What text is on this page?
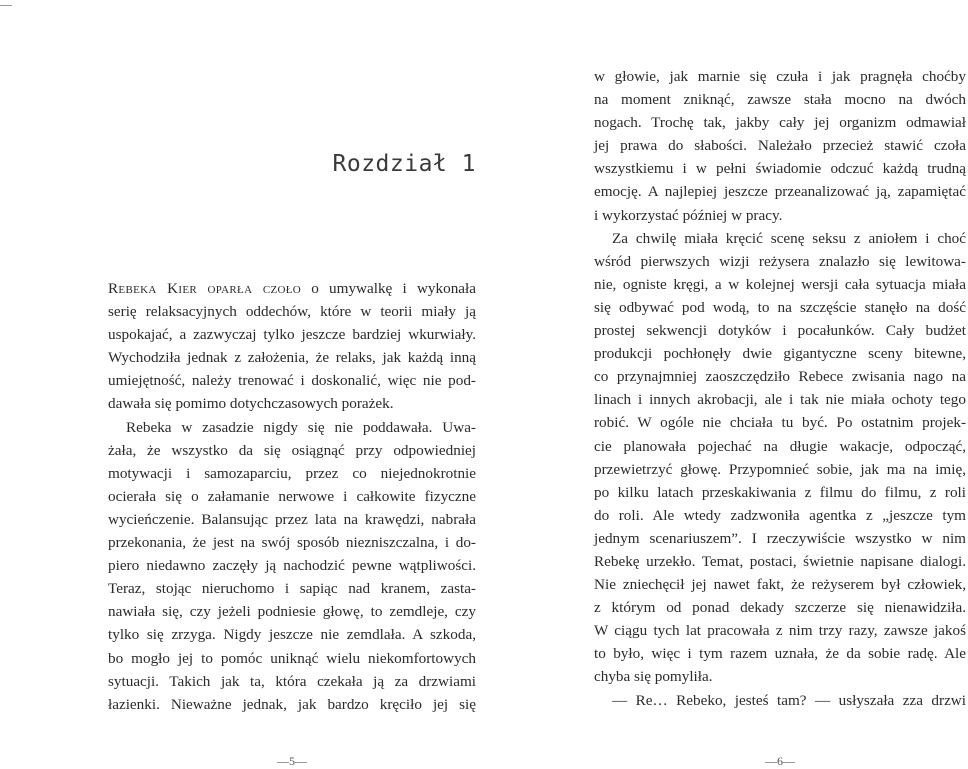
Rozdział 1
Rebeka Kier oparła czoło o umywalkę i wykonała
serię relaksacyjnych oddechów, które w teorii miały ją
uspokajać, a zazwyczaj tylko jeszcze bardziej wkurwiały.
Wychodziła jednak z założenia, że relaks, jak każdą inną
umiejętność, należy trenować i doskonalić, więc nie pod-
dawała się pomimo dotychczasowych porażek.
Rebeka w zasadzie nigdy się nie poddawała. Uwa-
żała, że wszystko da się osiągnąć przy odpowiedniej
motywacji i samozaparciu, przez co niejednokrotnie
ocierała się o załamanie nerwowe i całkowite fizyczne
wycieńczenie. Balansując przez lata na krawędzi, nabrała
przekonania, że jest na swój sposób niezniszczalna, i do-
piero niedawno zaczęły ją nachodzić pewne wątpliwości.
Teraz, stojąc nieruchomo i sapiąc nad kranem, zasta-
nawiała się, czy jeżeli podniesie głowę, to zemdleje, czy
tylko się zrzyga. Nigdy jeszcze nie zemdlała. A szkoda,
bo mogło jej to pomóc uniknąć wielu niekomfortowych
sytuacji. Takich jak ta, która czekała ją za drzwiami
łazienki. Nieważne jednak, jak bardzo kręciło jej się
—5—
w głowie, jak marnie się czuła i jak pragnęła choćby
na moment zniknąć, zawsze stała mocno na dwóch
nogach. Trochę tak, jakby cały jej organizm odmawiał
jej prawa do słabości. Należało przecież stawić czoła
wszystkiemu i w pełni świadomie odczuć każdą trudną
emocję. A najlepiej jeszcze przeanalizować ją, zapamiętać
i wykorzystać później w pracy.
Za chwilę miała kręcić scenę seksu z aniołem i choć
wśród pierwszych wizji reżysera znalazło się lewitowa-
nie, ogniste kręgi, a w kolejnej wersji cała sytuacja miała
się odbywać pod wodą, to na szczęście stanęło na dość
prostej sekwencji dotyków i pocałunków. Cały budżet
produkcji pochłonęły dwie gigantyczne sceny bitewne,
co przynajmniej zaoszczędziło Rebece zwisania nago na
linach i innych akrobacji, ale i tak nie miała ochoty tego
robić. W ogóle nie chciała tu być. Po ostatnim projek-
cie planowała pojechać na długie wakacje, odpocząć,
przewietrzyć głowę. Przypomnieć sobie, jak ma na imię,
po kilku latach przeskakiwania z filmu do filmu, z roli
do roli. Ale wtedy zadzwoniła agentka z „jeszcze tym
jednym scenariuszem”. I rzeczywiście wszystko w nim
Rebekę urzekło. Temat, postaci, świetnie napisane dialogi.
Nie zniechęcił jej nawet fakt, że reżyserem był człowiek,
z którym od ponad dekady szczerze się nienawidziła.
W ciągu tych lat pracowała z nim trzy razy, zawsze jakoś
to było, więc i tym razem uznała, że da sobie radę. Ale
chyba się pomyliła.
— Re… Rebeko, jesteś tam? — usłyszała zza drzwi
—6—
